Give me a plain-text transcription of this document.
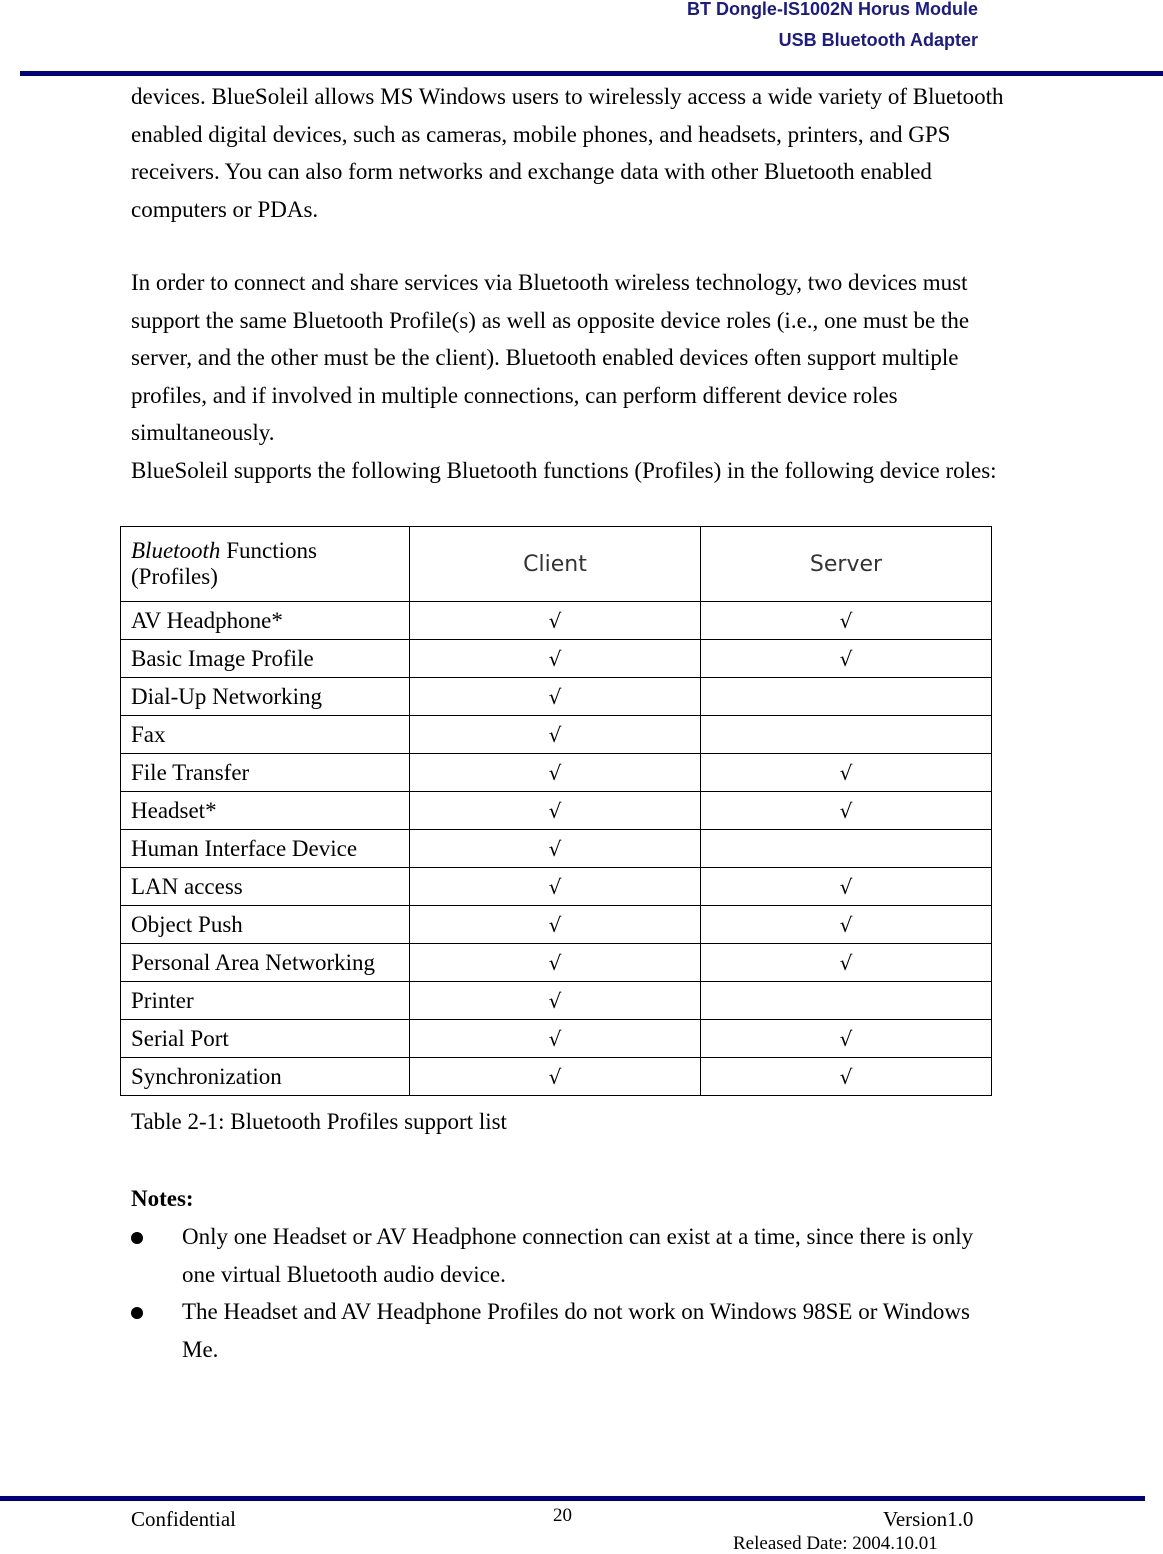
BT Dongle-IS1002N Horus Module
USB Bluetooth Adapter

devices. BlueSoleil allows MS Windows users to wirelessly access a wide variety of Bluetooth enabled digital devices, such as cameras, mobile phones, and headsets, printers, and GPS receivers. You can also form networks and exchange data with other Bluetooth enabled computers or PDAs.

In order to connect and share services via Bluetooth wireless technology, two devices must support the same Bluetooth Profile(s) as well as opposite device roles (i.e., one must be the server, and the other must be the client). Bluetooth enabled devices often support multiple profiles, and if involved in multiple connections, can perform different device roles simultaneously.
BlueSoleil supports the following Bluetooth functions (Profiles) in the following device roles:
Bluetooth Functions (Profiles)	Client	Server
AV Headphone*	√	√
Basic Image Profile	√	√
Dial-Up Networking	√	
Fax	√	
File Transfer	√	√
Headset*	√	√
Human Interface Device	√	
LAN access	√	√
Object Push	√	√
Personal Area Networking	√	√
Printer	√	
Serial Port	√	√
Synchronization	√	√

Table 2-1: Bluetooth Profiles support list

Notes:

Only one Headset or AV Headphone connection can exist at a time, since there is only one virtual Bluetooth audio device.
The Headset and AV Headphone Profiles do not work on Windows 98SE or Windows Me.
Confidential	20	Version1.0
Released Date: 2004.10.01
